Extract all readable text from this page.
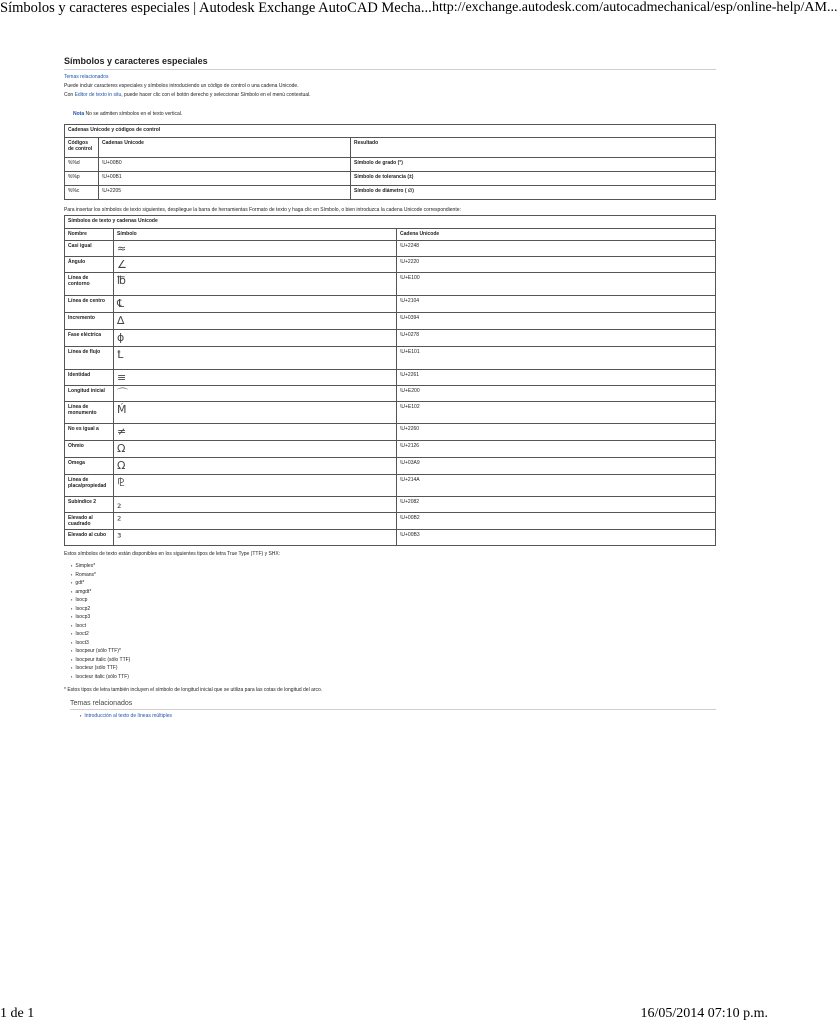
Símbolos y caracteres especiales | Autodesk Exchange AutoCAD Mecha... http://exchange.autodesk.com/autocadmechanical/esp/online-help/AM...
Símbolos y caracteres especiales
Temas relacionados

Puede incluir caracteres especiales y símbolos introduciendo un código de control o una cadena Unicode.

Con Editor de texto in situ, puede hacer clic con el botón derecho y seleccionar Símbolo en el menú contextual.

Nota No se admiten símbolos en el texto vertical.
Cadenas Unicode y códigos de control		
Códigos de control	Cadenas Unicode	Resultado
%%d	\U+00B0	Símbolo de grado (°)
%%p	\U+00B1	Símbolo de tolerancia (±)
%%c	\U+2205	Símbolo de diámetro ( ∅)

Para insertar los símbolos de texto siguientes, despliegue la barra de herramientas Formato de texto y haga clic en Símbolo, o bien introduzca la cadena Unicode correspondiente:

Símbolos de texto y cadenas Unicode		
Nombre	Símbolo	Cadena Unicode
Casi igual	≈	\U+2248
Ángulo	∠	\U+2220
Línea de contorno	℔	\U+E100
Línea de centro	℄	\U+2104
Incremento	∆	\U+0394
Fase eléctrica	ɸ	\U+0278
Línea de flujo	Ꝉ	\U+E101
Identidad	≡	\U+2261
Longitud inicial	⌒	\U+E200
Línea de monumento	Ḿ	\U+E102
No es igual a	≠	\U+2260
Ohmio	Ω	\U+2126
Omega	Ω	\U+03A9
Línea de placa/propiedad	⅊	\U+214A
Subíndice 2	₂	\U+2082
Elevado al cuadrado	²	\U+00B2
Elevado al cubo	³	\U+00B3

Estos símbolos de texto están disponibles en los siguientes tipos de letra True Type (TTF) y SHX:

▪ Simplex*
▪ Romans*
▪ gdt*
▪ amgdt*
▪ Isocp
▪ Isocp2
▪ Isocp3
▪ Isoct
▪ Isoct2
▪ Isoct3
▪ Isocpeur (sólo TTF)*
▪ Isocpeur italic (sólo TTF)
▪ Isocteur (sólo TTF)
▪ Isocteur italic (sólo TTF)

* Estos tipos de letra también incluyen el símbolo de longitud inicial que se utiliza para las cotas de longitud del arco.

Temas relacionados
▪ Introducción al texto de líneas múltiples
1 de 1	16/05/2014 07:10 p.m.
